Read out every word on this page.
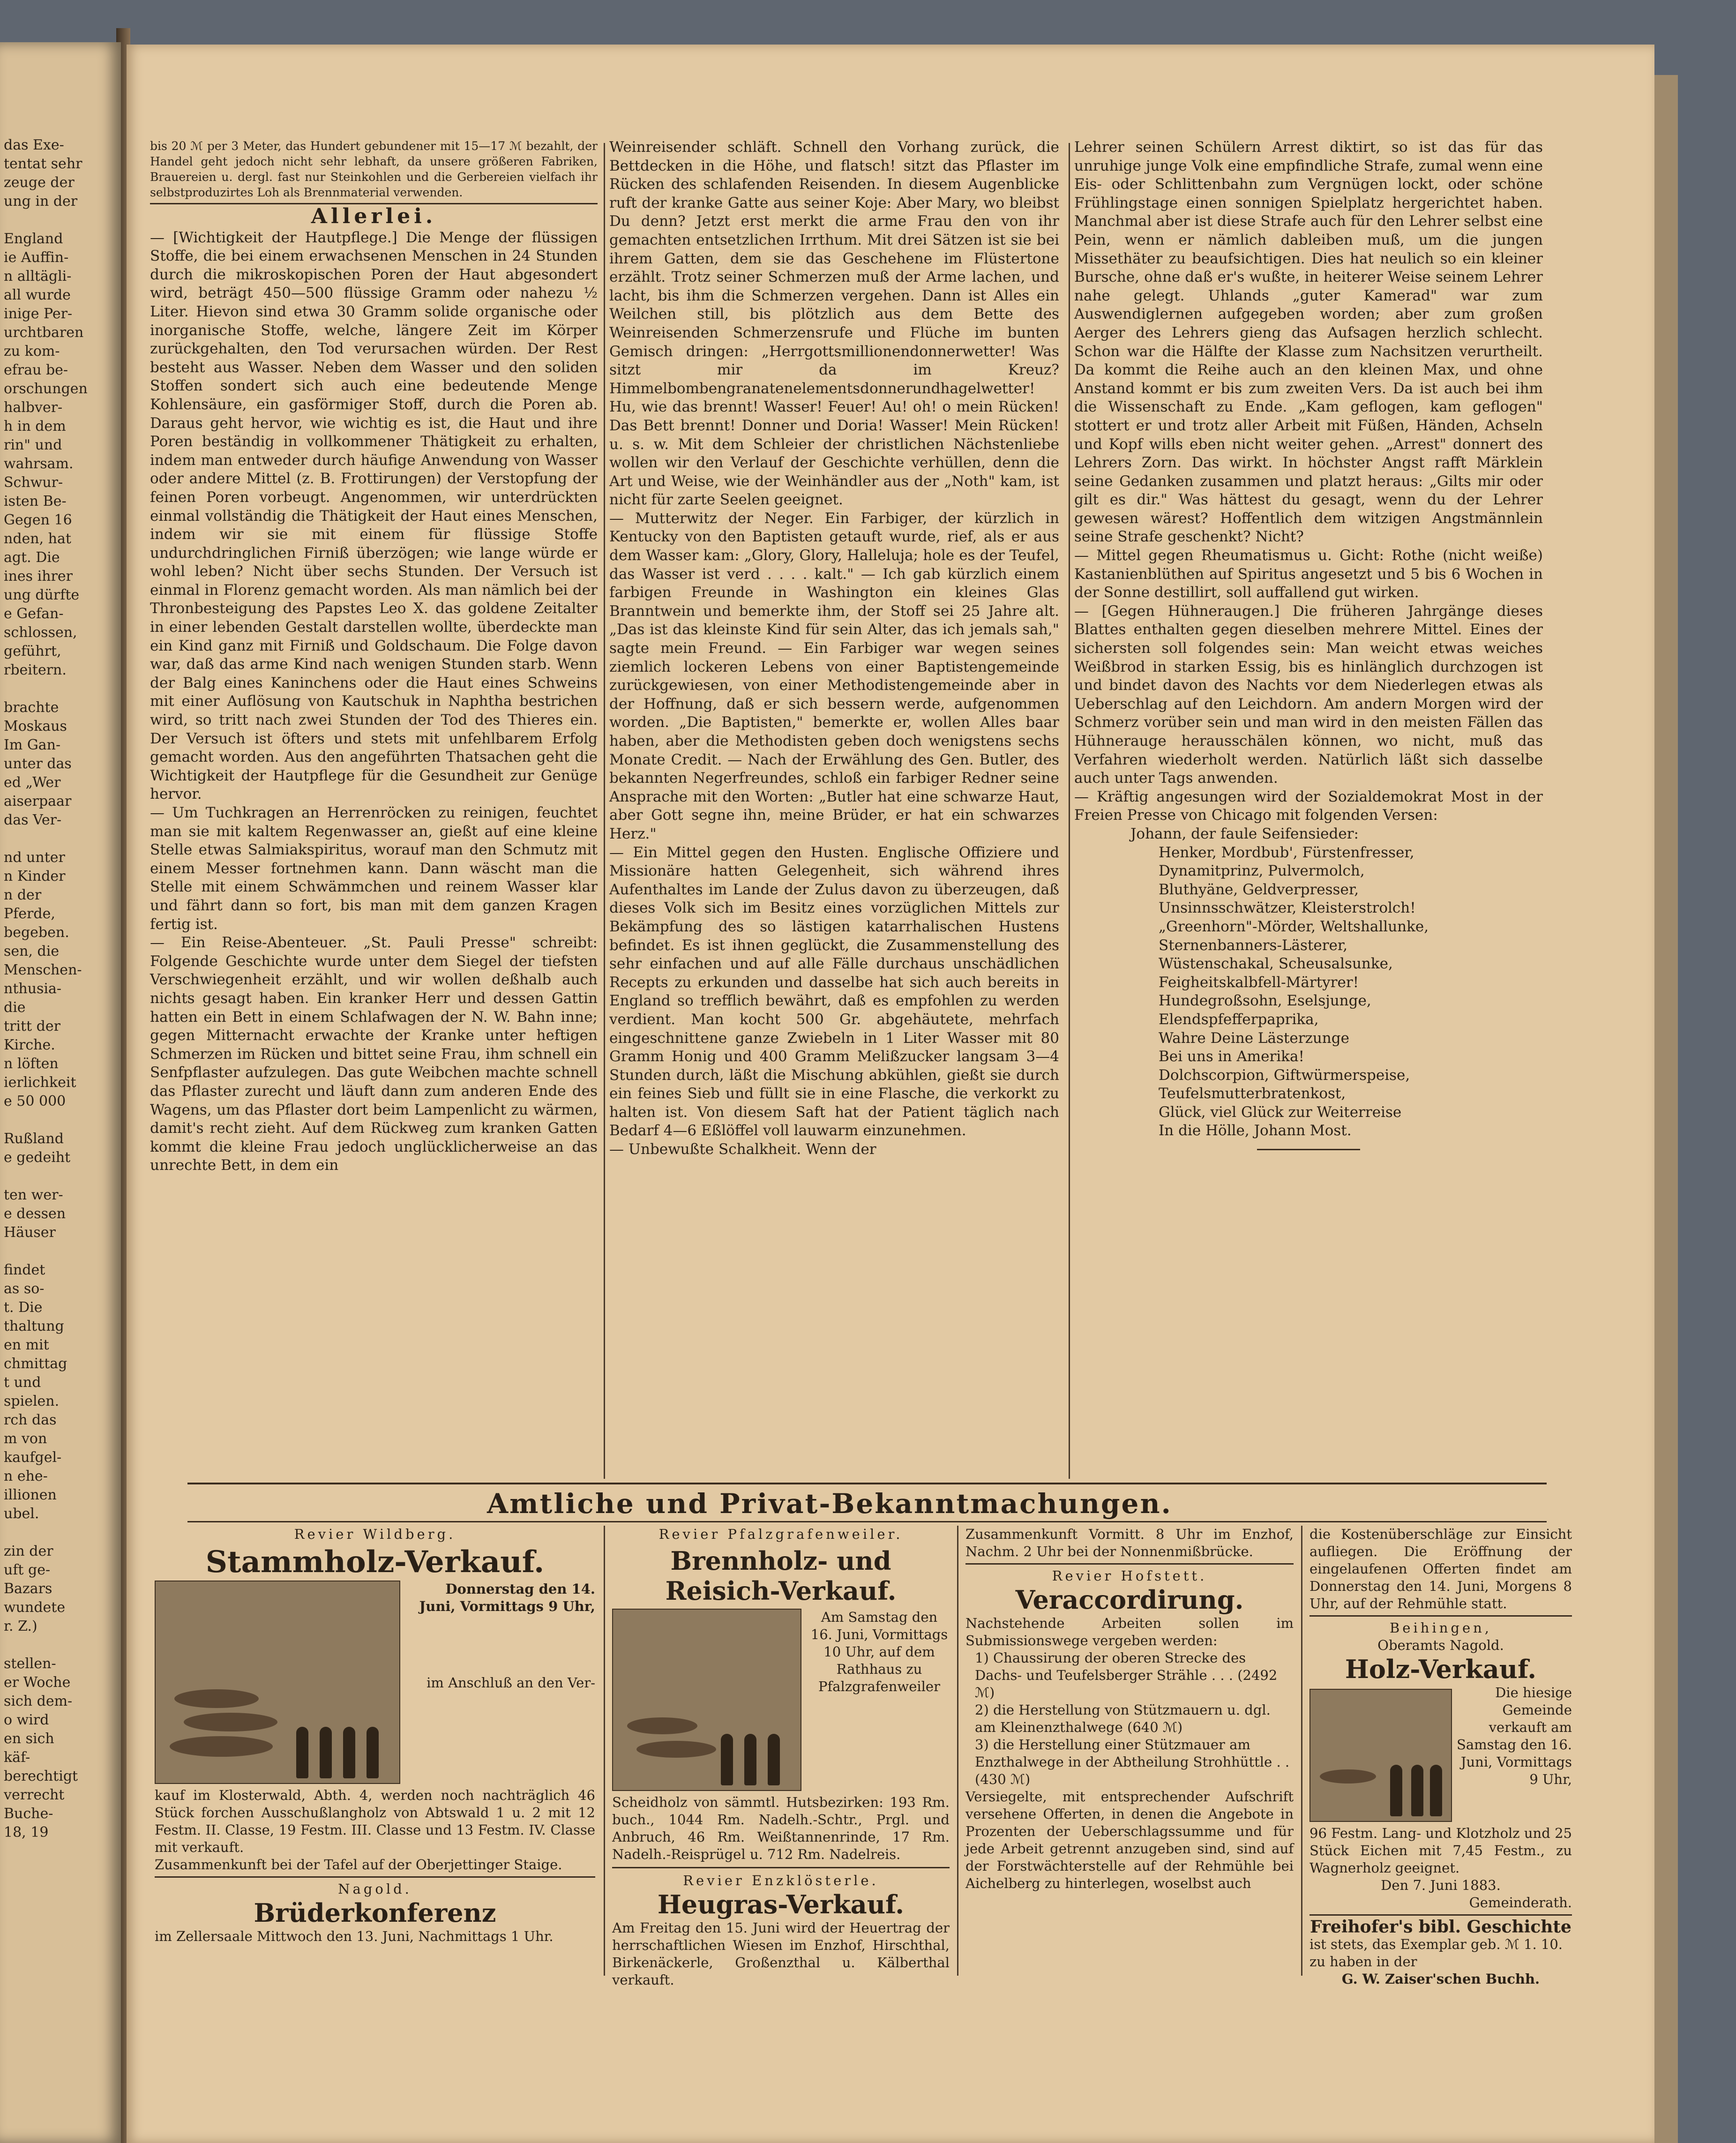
das Exe-
tentat sehr
zeuge der
ung in der

England
ie Auffin-
n alltägli-
all wurde
inige Per-
urchtbaren
zu kom-
efrau be-
orschungen
halbver-
h in dem
rin" und
wahrsam.
Schwur-
isten Be-
Gegen 16
nden, hat
agt. Die
ines ihrer
ung dürfte
e Gefan-
schlossen,
geführt,
rbeitern.

brachte
Moskaus
Im Gan-
unter das
ed „Wer
aiserpaar
das Ver-

nd unter
n Kinder
n der
Pferde,
begeben.
sen, die
Menschen-
nthusia-
die
tritt der
Kirche.
n löften
ierlichkeit
e 50 000

Rußland
e gedeiht

ten wer-
e dessen
Häuser

findet
as so-
t. Die
thaltung
en mit
chmittag
t und
spielen.
rch das
m von
kaufgel-
n ehe-
illionen
ubel.

zin der
uft ge-
Bazars
wundete
r. Z.)

stellen-
er Woche
sich dem-
o wird
en sich
käf-
berechtigt
verrecht
Buche-
18, 19

bis 20 ℳ per 3 Meter, das Hundert gebundener mit 15—17 ℳ bezahlt, der Handel geht jedoch nicht sehr lebhaft, da unsere größeren Fabriken, Brauereien u. dergl. fast nur Steinkohlen und die Gerbereien vielfach ihr selbstproduzirtes Loh als Brennmaterial verwenden.

Allerlei.

— [Wichtigkeit der Hautpflege.] Die Menge der flüssigen Stoffe, die bei einem erwachsenen Menschen in 24 Stunden durch die mikroskopischen Poren der Haut abgesondert wird, beträgt 450—500 flüssige Gramm oder nahezu ½ Liter. Hievon sind etwa 30 Gramm solide organische oder inorganische Stoffe, welche, längere Zeit im Körper zurückgehalten, den Tod verursachen würden. Der Rest besteht aus Wasser. Neben dem Wasser und den soliden Stoffen sondert sich auch eine bedeutende Menge Kohlensäure, ein gasförmiger Stoff, durch die Poren ab. Daraus geht hervor, wie wichtig es ist, die Haut und ihre Poren beständig in vollkommener Thätigkeit zu erhalten, indem man entweder durch häufige Anwendung von Wasser oder andere Mittel (z. B. Frottirungen) der Verstopfung der feinen Poren vorbeugt. Angenommen, wir unterdrückten einmal vollständig die Thätigkeit der Haut eines Menschen, indem wir sie mit einem für flüssige Stoffe undurchdringlichen Firniß überzögen; wie lange würde er wohl leben? Nicht über sechs Stunden. Der Versuch ist einmal in Florenz gemacht worden. Als man nämlich bei der Thronbesteigung des Papstes Leo X. das goldene Zeitalter in einer lebenden Gestalt darstellen wollte, überdeckte man ein Kind ganz mit Firniß und Goldschaum. Die Folge davon war, daß das arme Kind nach wenigen Stunden starb. Wenn der Balg eines Kaninchens oder die Haut eines Schweins mit einer Auflösung von Kautschuk in Naphtha bestrichen wird, so tritt nach zwei Stunden der Tod des Thieres ein. Der Versuch ist öfters und stets mit unfehlbarem Erfolg gemacht worden. Aus den angeführten Thatsachen geht die Wichtigkeit der Hautpflege für die Gesundheit zur Genüge hervor.

— Um Tuchkragen an Herrenröcken zu reinigen, feuchtet man sie mit kaltem Regenwasser an, gießt auf eine kleine Stelle etwas Salmiakspiritus, worauf man den Schmutz mit einem Messer fortnehmen kann. Dann wäscht man die Stelle mit einem Schwämmchen und reinem Wasser klar und fährt dann so fort, bis man mit dem ganzen Kragen fertig ist.

— Ein Reise-Abenteuer. „St. Pauli Presse" schreibt: Folgende Geschichte wurde unter dem Siegel der tiefsten Verschwiegenheit erzählt, und wir wollen deßhalb auch nichts gesagt haben. Ein kranker Herr und dessen Gattin hatten ein Bett in einem Schlafwagen der N. W. Bahn inne; gegen Mitternacht erwachte der Kranke unter heftigen Schmerzen im Rücken und bittet seine Frau, ihm schnell ein Senfpflaster aufzulegen. Das gute Weibchen machte schnell das Pflaster zurecht und läuft dann zum anderen Ende des Wagens, um das Pflaster dort beim Lampenlicht zu wärmen, damit's recht zieht. Auf dem Rückweg zum kranken Gatten kommt die kleine Frau jedoch unglücklicherweise an das unrechte Bett, in dem ein

Weinreisender schläft. Schnell den Vorhang zurück, die Bettdecken in die Höhe, und flatsch! sitzt das Pflaster im Rücken des schlafenden Reisenden. In diesem Augenblicke ruft der kranke Gatte aus seiner Koje: Aber Mary, wo bleibst Du denn? Jetzt erst merkt die arme Frau den von ihr gemachten entsetzlichen Irrthum. Mit drei Sätzen ist sie bei ihrem Gatten, dem sie das Geschehene im Flüstertone erzählt. Trotz seiner Schmerzen muß der Arme lachen, und lacht, bis ihm die Schmerzen vergehen. Dann ist Alles ein Weilchen still, bis plötzlich aus dem Bette des Weinreisenden Schmerzensrufe und Flüche im bunten Gemisch dringen: „Herrgottsmillionendonnerwetter! Was sitzt mir da im Kreuz? Himmelbombengranatenelementsdonnerundhagelwetter! Hu, wie das brennt! Wasser! Feuer! Au! oh! o mein Rücken! Das Bett brennt! Donner und Doria! Wasser! Mein Rücken! u. s. w. Mit dem Schleier der christlichen Nächstenliebe wollen wir den Verlauf der Geschichte verhüllen, denn die Art und Weise, wie der Weinhändler aus der „Noth" kam, ist nicht für zarte Seelen geeignet.

— Mutterwitz der Neger. Ein Farbiger, der kürzlich in Kentucky von den Baptisten getauft wurde, rief, als er aus dem Wasser kam: „Glory, Glory, Halleluja; hole es der Teufel, das Wasser ist verd . . . . kalt." — Ich gab kürzlich einem farbigen Freunde in Washington ein kleines Glas Branntwein und bemerkte ihm, der Stoff sei 25 Jahre alt. „Das ist das kleinste Kind für sein Alter, das ich jemals sah," sagte mein Freund. — Ein Farbiger war wegen seines ziemlich lockeren Lebens von einer Baptistengemeinde zurückgewiesen, von einer Methodistengemeinde aber in der Hoffnung, daß er sich bessern werde, aufgenommen worden. „Die Baptisten," bemerkte er, wollen Alles baar haben, aber die Methodisten geben doch wenigstens sechs Monate Credit. — Nach der Erwählung des Gen. Butler, des bekannten Negerfreundes, schloß ein farbiger Redner seine Ansprache mit den Worten: „Butler hat eine schwarze Haut, aber Gott segne ihn, meine Brüder, er hat ein schwarzes Herz."

— Ein Mittel gegen den Husten. Englische Offiziere und Missionäre hatten Gelegenheit, sich während ihres Aufenthaltes im Lande der Zulus davon zu überzeugen, daß dieses Volk sich im Besitz eines vorzüglichen Mittels zur Bekämpfung des so lästigen katarrhalischen Hustens befindet. Es ist ihnen geglückt, die Zusammenstellung des sehr einfachen und auf alle Fälle durchaus unschädlichen Recepts zu erkunden und dasselbe hat sich auch bereits in England so trefflich bewährt, daß es empfohlen zu werden verdient. Man kocht 500 Gr. abgehäutete, mehrfach eingeschnittene ganze Zwiebeln in 1 Liter Wasser mit 80 Gramm Honig und 400 Gramm Melißzucker langsam 3—4 Stunden durch, läßt die Mischung abkühlen, gießt sie durch ein feines Sieb und füllt sie in eine Flasche, die verkorkt zu halten ist. Von diesem Saft hat der Patient täglich nach Bedarf 4—6 Eßlöffel voll lauwarm einzunehmen.

— Unbewußte Schalkheit. Wenn der

Lehrer seinen Schülern Arrest diktirt, so ist das für das unruhige junge Volk eine empfindliche Strafe, zumal wenn eine Eis- oder Schlittenbahn zum Vergnügen lockt, oder schöne Frühlingstage einen sonnigen Spielplatz hergerichtet haben. Manchmal aber ist diese Strafe auch für den Lehrer selbst eine Pein, wenn er nämlich dableiben muß, um die jungen Missethäter zu beaufsichtigen. Dies hat neulich so ein kleiner Bursche, ohne daß er's wußte, in heiterer Weise seinem Lehrer nahe gelegt. Uhlands „guter Kamerad" war zum Auswendiglernen aufgegeben worden; aber zum großen Aerger des Lehrers gieng das Aufsagen herzlich schlecht. Schon war die Hälfte der Klasse zum Nachsitzen verurtheilt. Da kommt die Reihe auch an den kleinen Max, und ohne Anstand kommt er bis zum zweiten Vers. Da ist auch bei ihm die Wissenschaft zu Ende. „Kam geflogen, kam geflogen" stottert er und trotz aller Arbeit mit Füßen, Händen, Achseln und Kopf wills eben nicht weiter gehen. „Arrest" donnert des Lehrers Zorn. Das wirkt. In höchster Angst rafft Märklein seine Gedanken zusammen und platzt heraus: „Gilts mir oder gilt es dir." Was hättest du gesagt, wenn du der Lehrer gewesen wärest? Hoffentlich dem witzigen Angstmännlein seine Strafe geschenkt? Nicht?

— Mittel gegen Rheumatismus u. Gicht: Rothe (nicht weiße) Kastanienblüthen auf Spiritus angesetzt und 5 bis 6 Wochen in der Sonne destillirt, soll auffallend gut wirken.

— [Gegen Hühneraugen.] Die früheren Jahrgänge dieses Blattes enthalten gegen dieselben mehrere Mittel. Eines der sichersten soll folgendes sein: Man weicht etwas weiches Weißbrod in starken Essig, bis es hinlänglich durchzogen ist und bindet davon des Nachts vor dem Niederlegen etwas als Ueberschlag auf den Leichdorn. Am andern Morgen wird der Schmerz vorüber sein und man wird in den meisten Fällen das Hühnerauge herausschälen können, wo nicht, muß das Verfahren wiederholt werden. Natürlich läßt sich dasselbe auch unter Tags anwenden.

— Kräftig angesungen wird der Sozialdemokrat Most in der Freien Presse von Chicago mit folgenden Versen:

Johann, der faule Seifensieder:
Henker, Mordbub', Fürstenfresser,
Dynamitprinz, Pulvermolch,
Bluthyäne, Geldverpresser,
Unsinnsschwätzer, Kleisterstrolch!
„Greenhorn"-Mörder, Weltshallunke,
Sternenbanners-Lästerer,
Wüstenschakal, Scheusalsunke,
Feigheitskalbfell-Märtyrer!
Hundegroßsohn, Eselsjunge,
Elendspfefferpaprika,
Wahre Deine Lästerzunge
Bei uns in Amerika!
Dolchscorpion, Giftwürmerspeise,
Teufelsmutterbratenkost,
Glück, viel Glück zur Weiterreise
In die Hölle, Johann Most.
Amtliche und Privat-Bekanntmachungen.
Revier Wildberg.
Stammholz-Verkauf.
Donnerstag den 14. Juni, Vormittags 9 Uhr,
im Anschluß an den Ver-
kauf im Klosterwald, Abth. 4, werden noch nachträglich 46 Stück forchen Ausschußlangholz von Abtswald 1 u. 2 mit 12 Festm. II. Classe, 19 Festm. III. Classe und 13 Festm. IV. Classe mit verkauft.
Zusammenkunft bei der Tafel auf der Oberjettinger Staige.
Nagold.
Brüderkonferenz
im Zellersaale Mittwoch den 13. Juni, Nachmittags 1 Uhr.
Revier Pfalzgrafenweiler.
Brennholz- und Reisich-Verkauf.
Am Samstag den 16. Juni, Vormittags 10 Uhr, auf dem Rathhaus zu Pfalzgrafenweiler
Scheidholz von sämmtl. Hutsbezirken: 193 Rm. buch., 1044 Rm. Nadelh.-Schtr., Prgl. und Anbruch, 46 Rm. Weißtannenrinde, 17 Rm. Nadelh.-Reisprügel u. 712 Rm. Nadelreis.
Revier Enzklösterle.
Heugras-Verkauf.
Am Freitag den 15. Juni wird der Heuertrag der herrschaftlichen Wiesen im Enzhof, Hirschthal, Birkenäckerle, Großenzthal u. Kälberthal verkauft.
Zusammenkunft Vormitt. 8 Uhr im Enzhof, Nachm. 2 Uhr bei der Nonnenmißbrücke.
Revier Hofstett.
Veraccordirung.
Nachstehende Arbeiten sollen im Submissionswege vergeben werden:
1) Chaussirung der oberen Strecke des Dachs- und Teufelsberger Strähle . . . (2492 ℳ)
2) die Herstellung von Stützmauern u. dgl. am Kleinenzthalwege (640 ℳ)
3) die Herstellung einer Stützmauer am Enzthalwege in der Abtheilung Strohhüttle . . (430 ℳ)
Versiegelte, mit entsprechender Aufschrift versehene Offerten, in denen die Angebote in Prozenten der Ueberschlagssumme und für jede Arbeit getrennt anzugeben sind, sind auf der Forstwächterstelle auf der Rehmühle bei Aichelberg zu hinterlegen, woselbst auch
die Kostenüberschläge zur Einsicht aufliegen. Die Eröffnung der eingelaufenen Offerten findet am Donnerstag den 14. Juni, Morgens 8 Uhr, auf der Rehmühle statt.
Beihingen,
Oberamts Nagold.
Holz-Verkauf.
Die hiesige Gemeinde verkauft am Samstag den 16. Juni, Vormittags 9 Uhr,
96 Festm. Lang- und Klotzholz und 25 Stück Eichen mit 7,45 Festm., zu Wagnerholz geeignet.
Den 7. Juni 1883.
Gemeinderath.
Freihofer's bibl. Geschichte
ist stets, das Exemplar geb. ℳ 1. 10. zu haben in der
G. W. Zaiser'schen Buchh.
